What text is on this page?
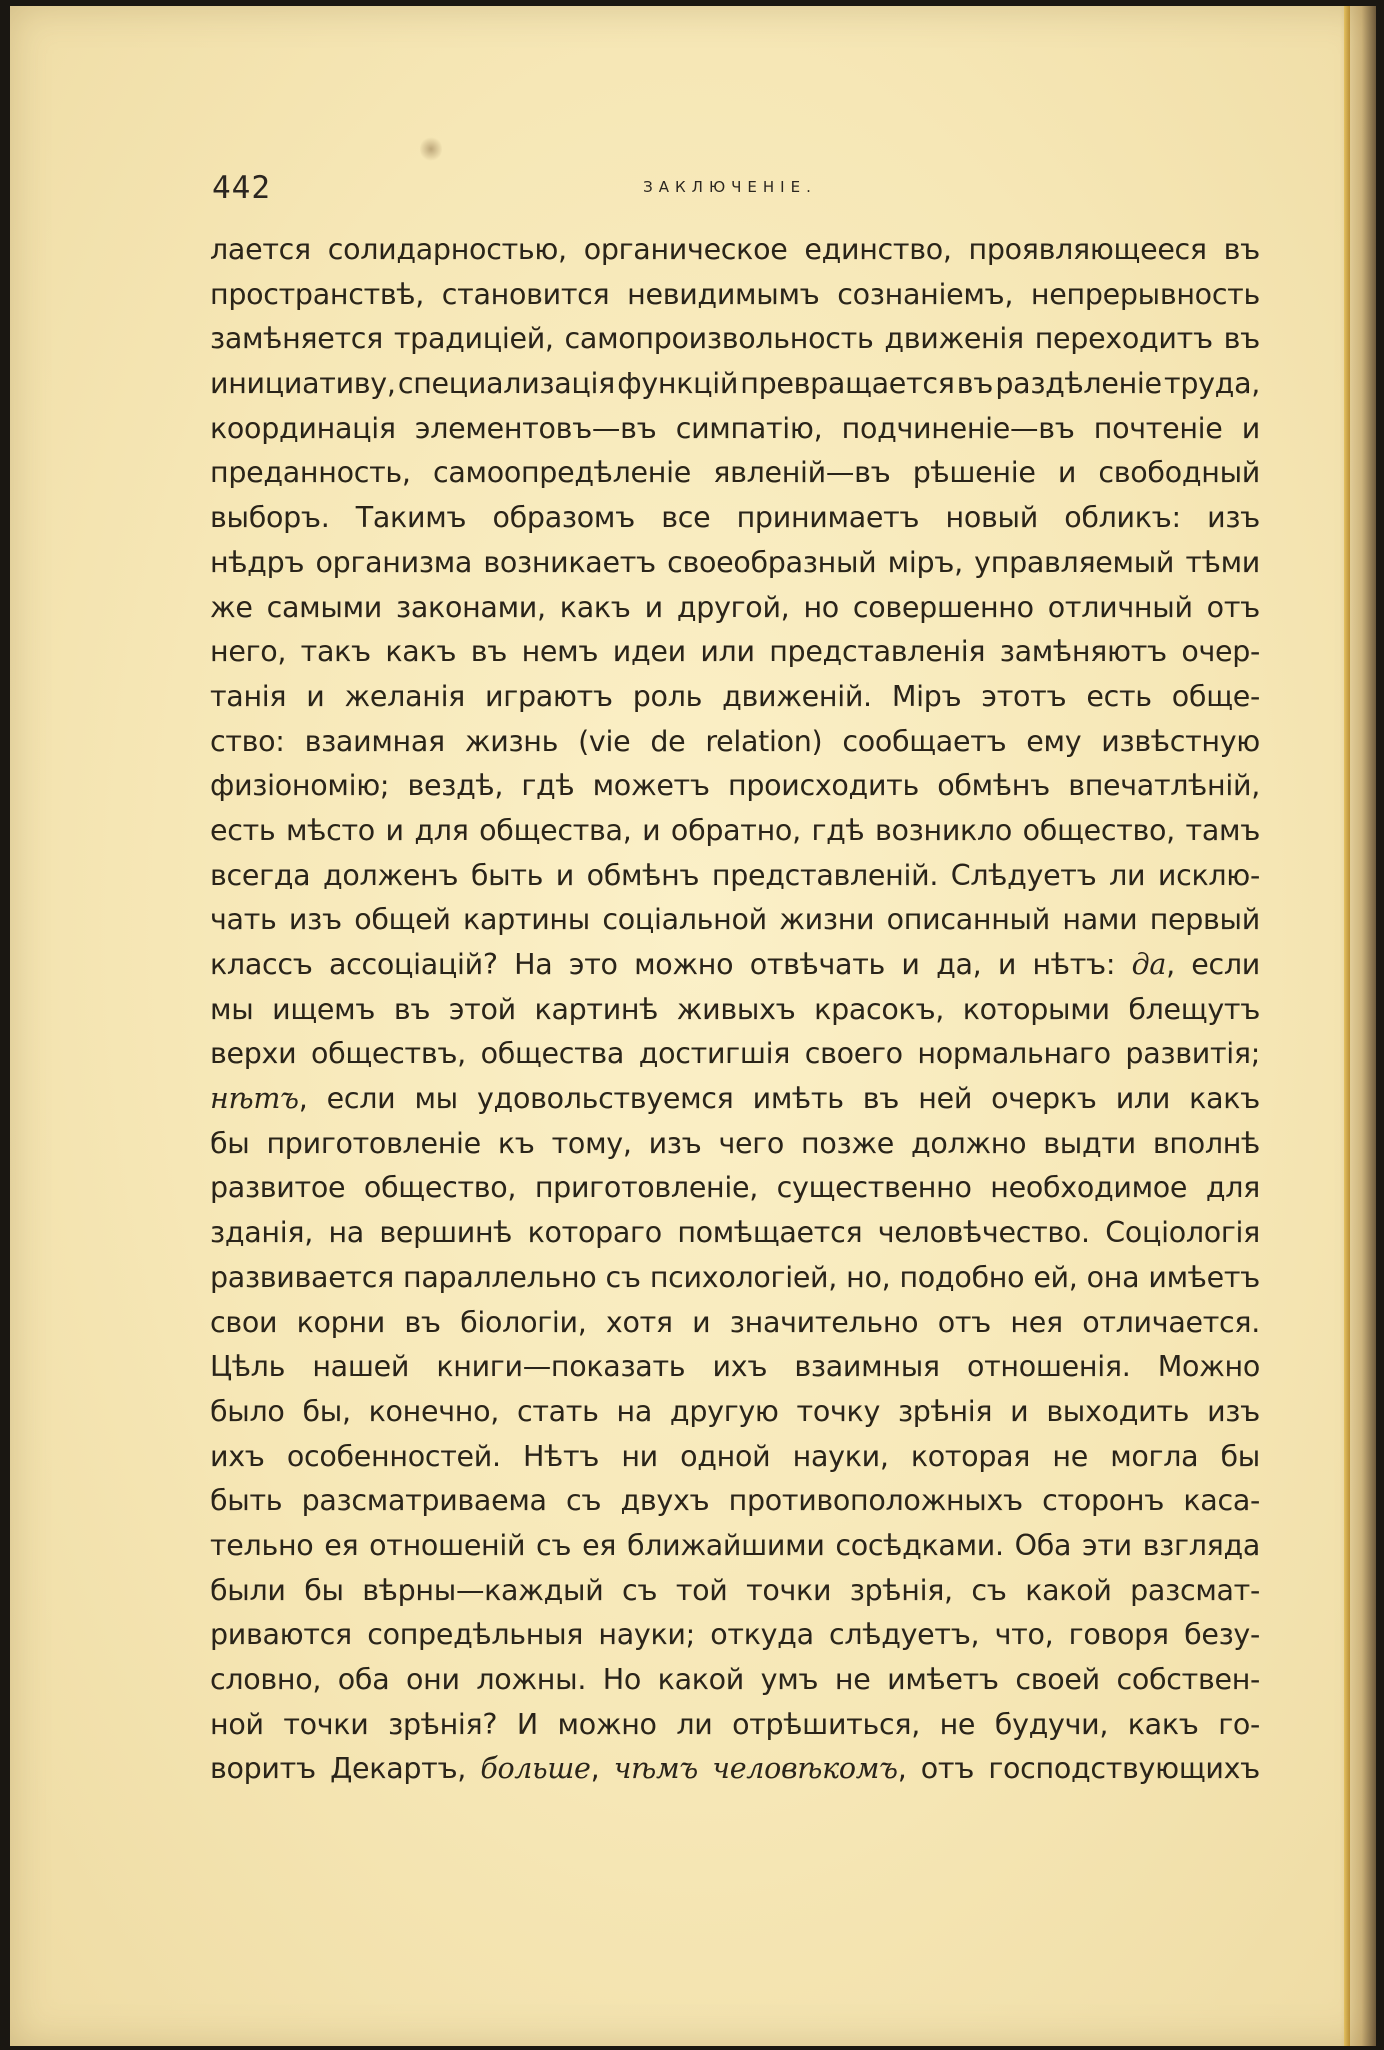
442	ЗАКЛЮЧЕНІЕ.
лается солидарностью, органическое единство, проявляющееся въ
пространствѣ, становится невидимымъ сознаніемъ, непрерывность
замѣняется традиціей, самопроизвольность движенія переходитъ въ
инициативу, специализація функцій превращается въ раздѣленіе труда,
координація элементовъ—въ симпатію, подчиненіе—въ почтеніе и
преданность, самоопредѣленіе явленій—въ рѣшеніе и свободный
выборъ. Такимъ образомъ все принимаетъ новый обликъ: изъ
нѣдръ организма возникаетъ своеобразный міръ, управляемый тѣми
же самыми законами, какъ и другой, но совершенно отличный отъ
него, такъ какъ въ немъ идеи или представленія замѣняютъ очер-
танія и желанія играютъ роль движеній. Міръ этотъ есть обще-
ство: взаимная жизнь (vie de relation) сообщаетъ ему извѣстную
физіономію; вездѣ, гдѣ можетъ происходить обмѣнъ впечатлѣній,
есть мѣсто и для общества, и обратно, гдѣ возникло общество, тамъ
всегда долженъ быть и обмѣнъ представленій. Слѣдуетъ ли исклю-
чать изъ общей картины соціальной жизни описанный нами первый
классъ ассоціацій? На это можно отвѣчать и да, и нѣтъ: да, если
мы ищемъ въ этой картинѣ живыхъ красокъ, которыми блещутъ
верхи обществъ, общества достигшія своего нормальнаго развитія;
нѣтъ, если мы удовольствуемся имѣть въ ней очеркъ или какъ
бы приготовленіе къ тому, изъ чего позже должно выдти вполнѣ
развитое общество, приготовленіе, существенно необходимое для
зданія, на вершинѣ котораго помѣщается человѣчество. Соціологія
развивается параллельно съ психологіей, но, подобно ей, она имѣетъ
свои корни въ біологіи, хотя и значительно отъ нея отличается.
Цѣль нашей книги—показать ихъ взаимныя отношенія. Можно
было бы, конечно, стать на другую точку зрѣнія и выходить изъ
ихъ особенностей. Нѣтъ ни одной науки, которая не могла бы
быть разсматриваема съ двухъ противоположныхъ сторонъ каса-
тельно ея отношеній съ ея ближайшими сосѣдками. Оба эти взгляда
были бы вѣрны—каждый съ той точки зрѣнія, съ какой разсмат-
риваются сопредѣльныя науки; откуда слѣдуетъ, что, говоря безу-
словно, оба они ложны. Но какой умъ не имѣетъ своей собствен-
ной точки зрѣнія? И можно ли отрѣшиться, не будучи, какъ го-
воритъ Декартъ, больше, чѣмъ человѣкомъ, отъ господствующихъ
